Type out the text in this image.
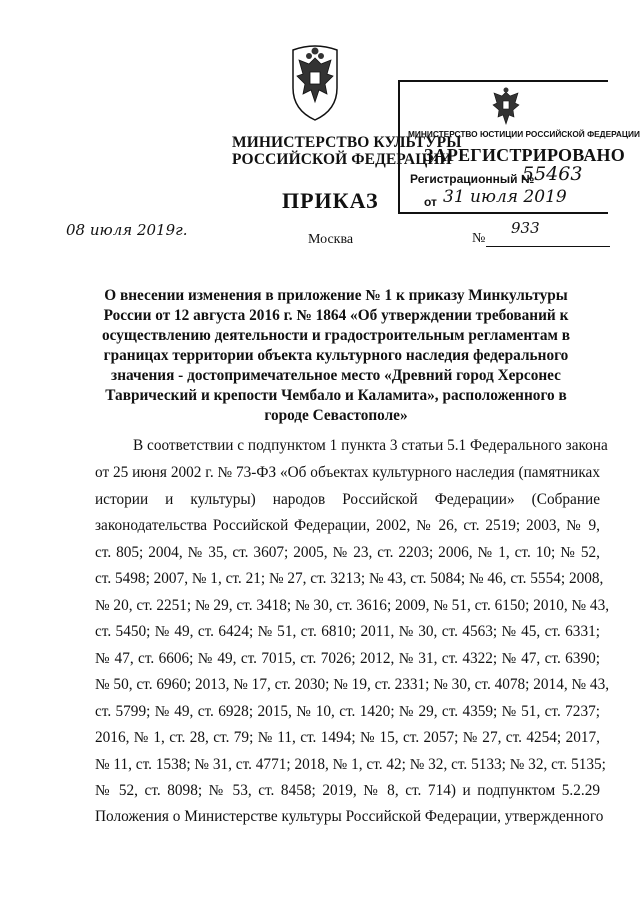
МИНИСТЕРСТВО КУЛЬТУРЫ
РОССИЙСКОЙ ФЕДЕРАЦИИ
ПРИКАЗ
МИНИСТЕРСТВО ЮСТИЦИИ РОССИЙСКОЙ ФЕДЕРАЦИИ
ЗАРЕГИСТРИРОВАНО
Регистрационный №
55463
от 31 июля 2019
08 июля 2019г.
Москва	№
933
О внесении изменения в приложение № 1 к приказу Минкультуры
России от 12 августа 2016 г. № 1864 «Об утверждении требований к
осуществлению деятельности и градостроительным регламентам в
границах территории объекта культурного наследия федерального
значения - достопримечательное место «Древний город Херсонес
Таврический и крепости Чембало и Каламита», расположенного в
городе Севастополе»
В соответствии с подпунктом 1 пункта 3 статьи 5.1 Федерального закона
от 25 июня 2002 г. № 73-ФЗ «Об объектах культурного наследия (памятниках
истории и культуры) народов Российской Федерации» (Собрание
законодательства Российской Федерации, 2002, № 26, ст. 2519; 2003, № 9,
ст. 805; 2004, № 35, ст. 3607; 2005, № 23, ст. 2203; 2006, № 1, ст. 10; № 52,
ст. 5498; 2007, № 1, ст. 21; № 27, ст. 3213; № 43, ст. 5084; № 46, ст. 5554; 2008,
№ 20, ст. 2251; № 29, ст. 3418; № 30, ст. 3616; 2009, № 51, ст. 6150; 2010, № 43,
ст. 5450; № 49, ст. 6424; № 51, ст. 6810; 2011, № 30, ст. 4563; № 45, ст. 6331;
№ 47, ст. 6606; № 49, ст. 7015, ст. 7026; 2012, № 31, ст. 4322; № 47, ст. 6390;
№ 50, ст. 6960; 2013, № 17, ст. 2030; № 19, ст. 2331; № 30, ст. 4078; 2014, № 43,
ст. 5799; № 49, ст. 6928; 2015, № 10, ст. 1420; № 29, ст. 4359; № 51, ст. 7237;
2016, № 1, ст. 28, ст. 79; № 11, ст. 1494; № 15, ст. 2057; № 27, ст. 4254; 2017,
№ 11, ст. 1538; № 31, ст. 4771; 2018, № 1, ст. 42; № 32, ст. 5133; № 32, ст. 5135;
№ 52, ст. 8098; № 53, ст. 8458; 2019, № 8, ст. 714) и подпунктом 5.2.29
Положения о Министерстве культуры Российской Федерации, утвержденного
